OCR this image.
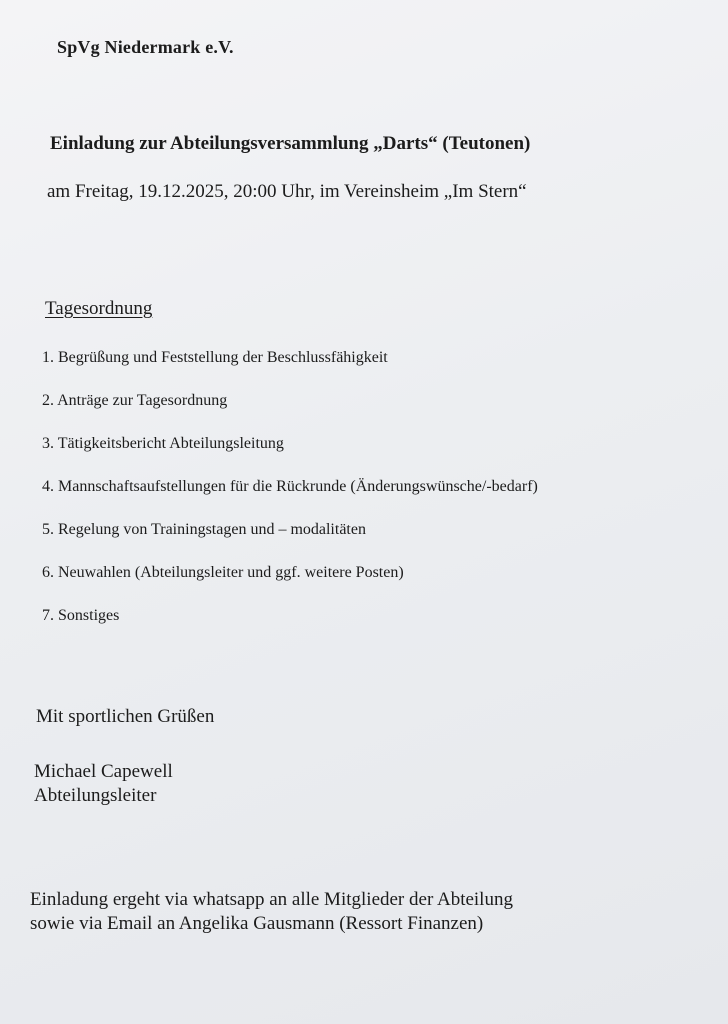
SpVg Niedermark e.V.
Einladung zur Abteilungsversammlung „Darts“ (Teutonen)
am Freitag, 19.12.2025, 20:00 Uhr, im Vereinsheim „Im Stern“
Tagesordnung
1. Begrüßung und Feststellung der Beschlussfähigkeit
2. Anträge zur Tagesordnung
3. Tätigkeitsbericht Abteilungsleitung
4. Mannschaftsaufstellungen für die Rückrunde (Änderungswünsche/-bedarf)
5. Regelung von Trainingstagen und – modalitäten
6. Neuwahlen (Abteilungsleiter und ggf. weitere Posten)
7. Sonstiges
Mit sportlichen Grüßen
Michael Capewell
Abteilungsleiter
Einladung ergeht via whatsapp an alle Mitglieder der Abteilung
sowie via Email an Angelika Gausmann (Ressort Finanzen)
